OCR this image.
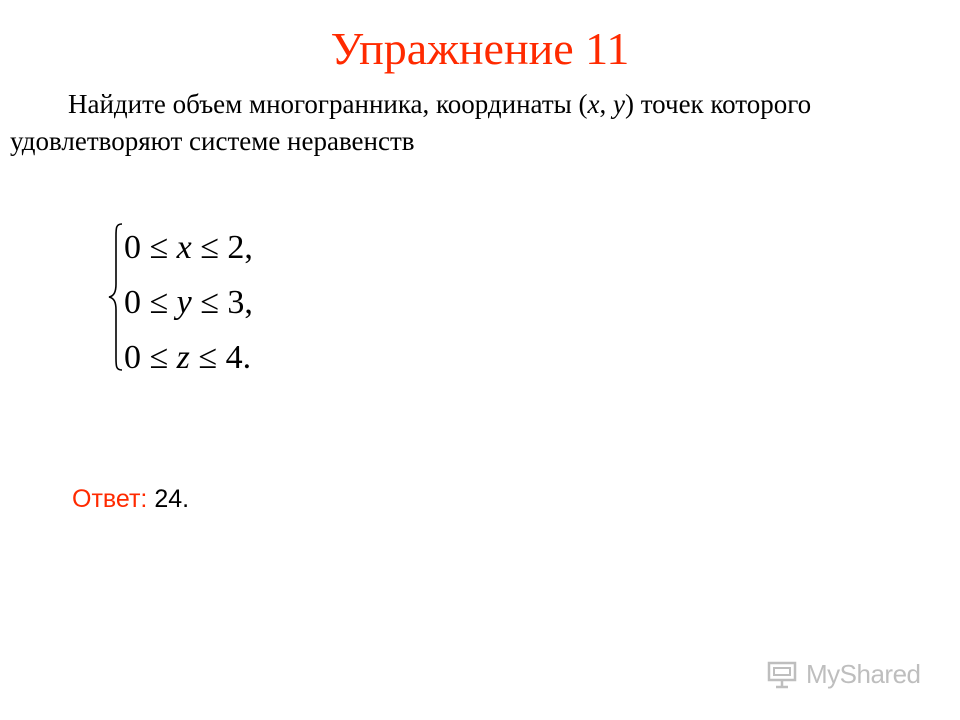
Упражнение 11
Найдите объем многогранника, координаты (x, y) точек которого удовлетворяют системе неравенств
0 ≤ x ≤ 2,
0 ≤ y ≤ 3,
0 ≤ z ≤ 4.
Ответ: 24.
MyShared
